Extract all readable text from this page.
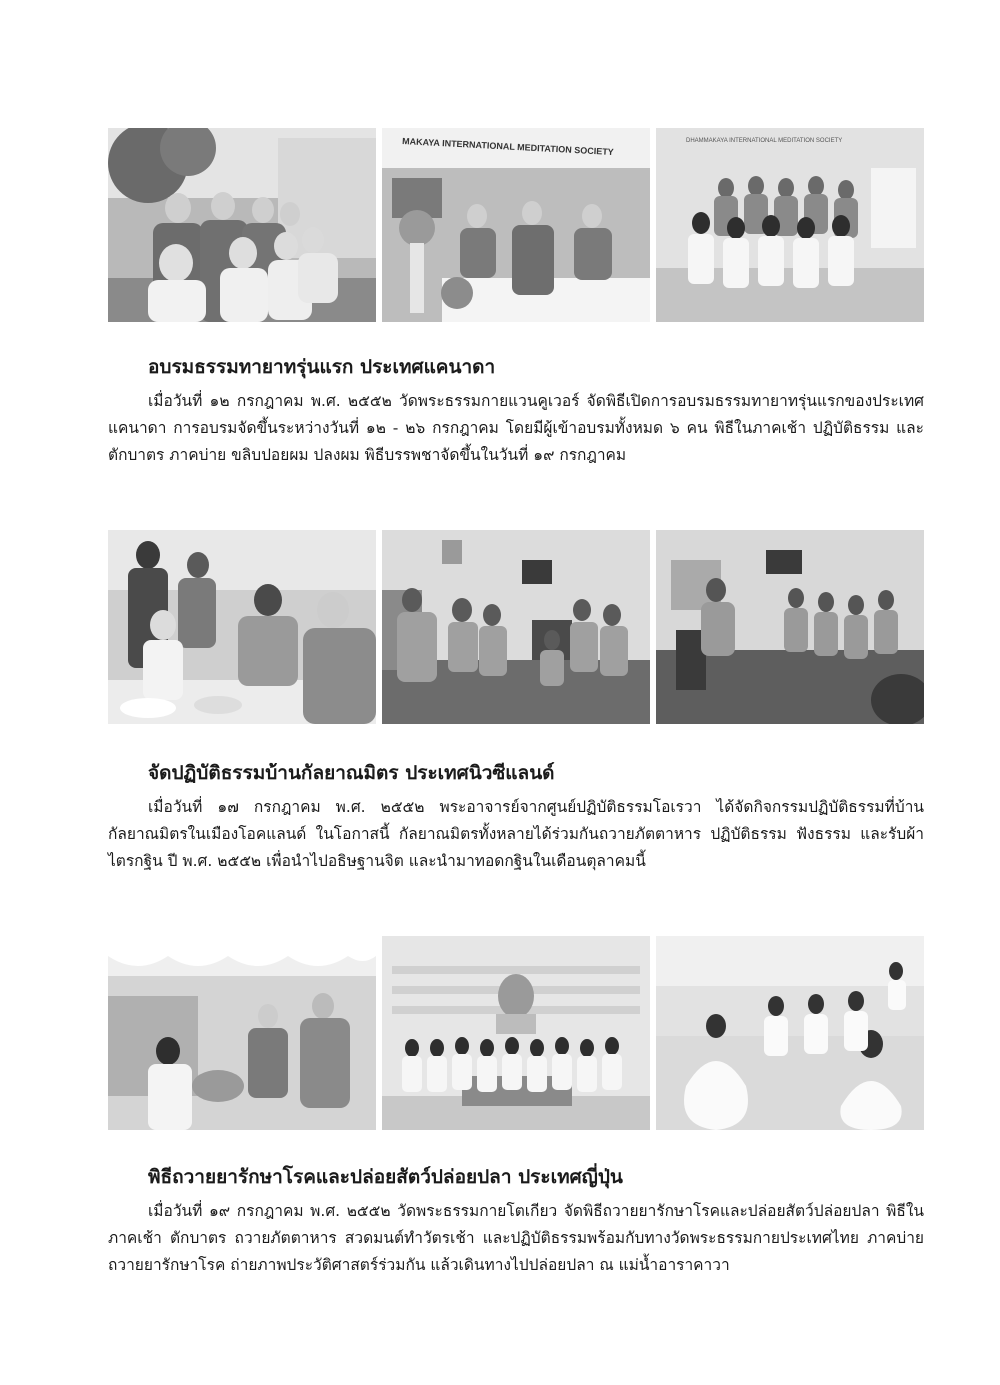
MAKAYA INTERNATIONAL MEDITATION SOCIETY	DHAMMAKAYA INTERNATIONAL MEDITATION SOCIETY
อบรมธรรมทายาทรุ่นแรก ประเทศแคนาดา

เมื่อวันที่ ๑๒ กรกฎาคม พ.ศ. ๒๕๕๒ วัดพระธรรมกายแวนคูเวอร์ จัดพิธีเปิดการอบรมธรรมทายาทรุ่นแรกของประเทศแคนาดา การอบรมจัดขึ้นระหว่างวันที่ ๑๒ - ๒๖ กรกฎาคม โดยมีผู้เข้าอบรมทั้งหมด ๖ คน พิธีในภาคเช้า ปฏิบัติธรรม และตักบาตร ภาคบ่าย ขลิบปอยผม ปลงผม พิธีบรรพชาจัดขึ้นในวันที่ ๑๙ กรกฎาคม

จัดปฏิบัติธรรมบ้านกัลยาณมิตร ประเทศนิวซีแลนด์

เมื่อวันที่ ๑๗ กรกฎาคม พ.ศ. ๒๕๕๒ พระอาจารย์จากศูนย์ปฏิบัติธรรมโอเรวา ได้จัดกิจกรรมปฏิบัติธรรมที่บ้านกัลยาณมิตรในเมืองโอคแลนด์ ในโอกาสนี้ กัลยาณมิตรทั้งหลายได้ร่วมกันถวายภัตตาหาร ปฏิบัติธรรม ฟังธรรม และรับผ้าไตรกฐิน ปี พ.ศ. ๒๕๕๒ เพื่อนำไปอธิษฐานจิต และนำมาทอดกฐินในเดือนตุลาคมนี้

พิธีถวายยารักษาโรคและปล่อยสัตว์ปล่อยปลา ประเทศญี่ปุ่น

เมื่อวันที่ ๑๙ กรกฎาคม พ.ศ. ๒๕๕๒ วัดพระธรรมกายโตเกียว จัดพิธีถวายยารักษาโรคและปล่อยสัตว์ปล่อยปลา พิธีในภาคเช้า ตักบาตร ถวายภัตตาหาร สวดมนต์ทำวัตรเช้า และปฏิบัติธรรมพร้อมกับทางวัดพระธรรมกายประเทศไทย ภาคบ่าย ถวายยารักษาโรค ถ่ายภาพประวัติศาสตร์ร่วมกัน แล้วเดินทางไปปล่อยปลา ณ แม่น้ำอาราคาวา
